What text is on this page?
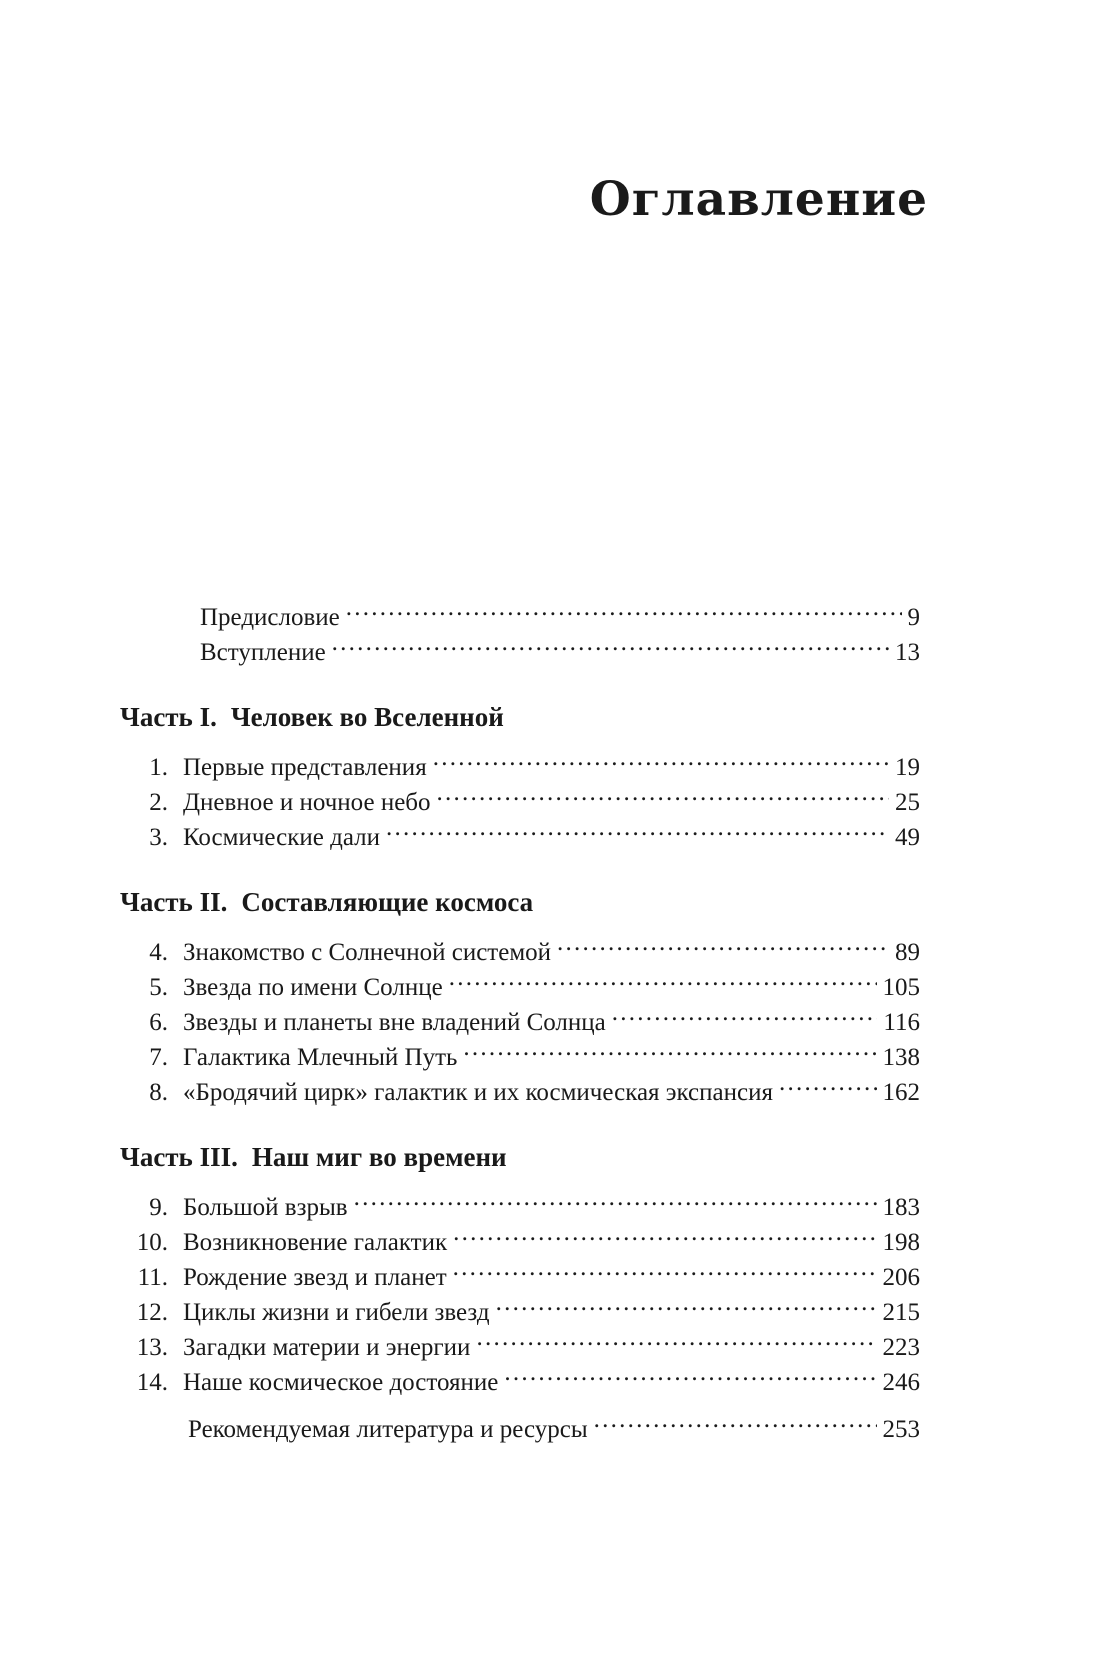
Оглавление
Предисловие . . .	9
Вступление . . .	13
Часть I. Человек во Вселенной
1. Первые представления . . .	19
2. Дневное и ночное небо . . .	25
3. Космические дали . . .	49
Часть II. Составляющие космоса
4. Знакомство с Солнечной системой . . .	89
5. Звезда по имени Солнце . . .	105
6. Звезды и планеты вне владений Солнца . . .	116
7. Галактика Млечный Путь . . .	138
8. «Бродячий цирк» галактик и их космическая экспансия . . .	162
Часть III. Наш миг во времени
9. Большой взрыв . . .	183
10. Возникновение галактик . . .	198
11. Рождение звезд и планет . . .	206
12. Циклы жизни и гибели звезд . . .	215
13. Загадки материи и энергии . . .	223
14. Наше космическое достояние . . .	246
Рекомендуемая литература и ресурсы . . .	253
